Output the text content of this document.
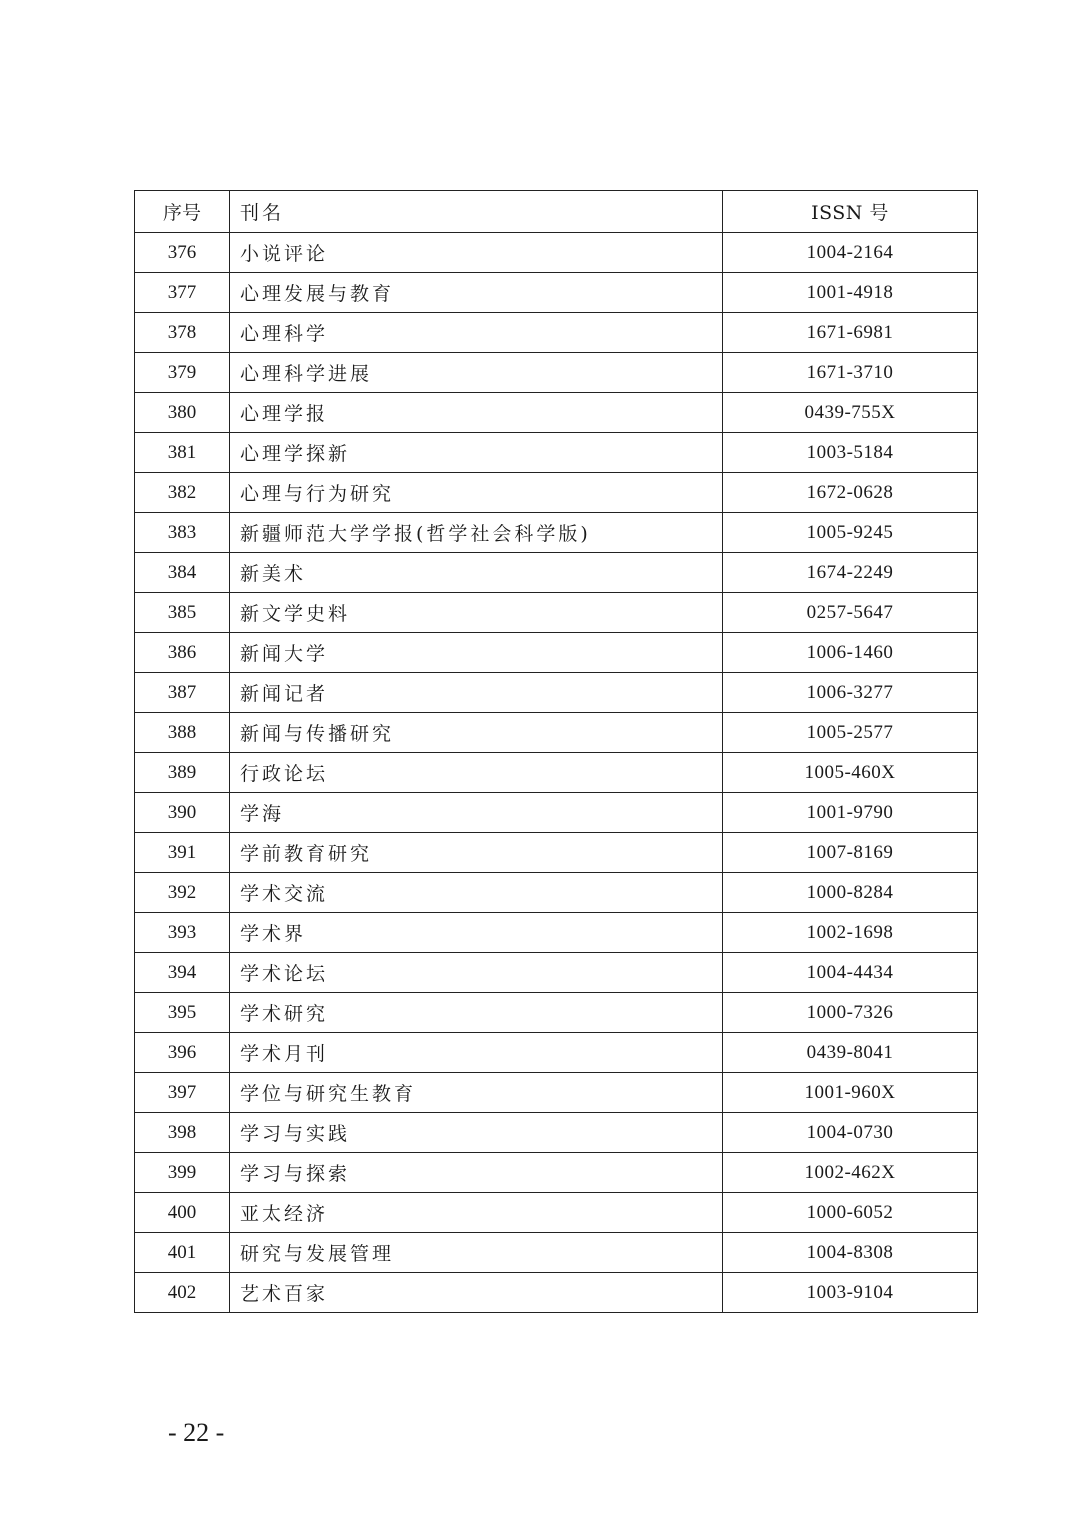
序号	刊名	ISSN 号
376	小说评论	1004-2164
377	心理发展与教育	1001-4918
378	心理科学	1671-6981
379	心理科学进展	1671-3710
380	心理学报	0439-755X
381	心理学探新	1003-5184
382	心理与行为研究	1672-0628
383	新疆师范大学学报(哲学社会科学版)	1005-9245
384	新美术	1674-2249
385	新文学史料	0257-5647
386	新闻大学	1006-1460
387	新闻记者	1006-3277
388	新闻与传播研究	1005-2577
389	行政论坛	1005-460X
390	学海	1001-9790
391	学前教育研究	1007-8169
392	学术交流	1000-8284
393	学术界	1002-1698
394	学术论坛	1004-4434
395	学术研究	1000-7326
396	学术月刊	0439-8041
397	学位与研究生教育	1001-960X
398	学习与实践	1004-0730
399	学习与探索	1002-462X
400	亚太经济	1000-6052
401	研究与发展管理	1004-8308
402	艺术百家	1003-9104
- 22 -
